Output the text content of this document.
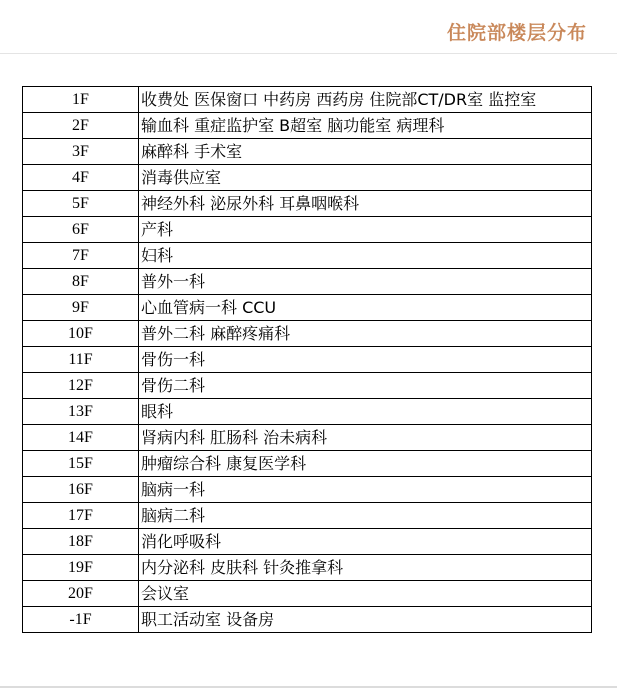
住院部楼层分布
1F	收费处 医保窗口 中药房 西药房 住院部CT/DR室 监控室
2F	输血科 重症监护室 B超室 脑功能室 病理科
3F	麻醉科 手术室
4F	消毒供应室
5F	神经外科 泌尿外科 耳鼻咽喉科
6F	产科
7F	妇科
8F	普外一科
9F	心血管病一科 CCU
10F	普外二科 麻醉疼痛科
11F	骨伤一科
12F	骨伤二科
13F	眼科
14F	肾病内科 肛肠科 治未病科
15F	肿瘤综合科 康复医学科
16F	脑病一科
17F	脑病二科
18F	消化呼吸科
19F	内分泌科 皮肤科 针灸推拿科
20F	会议室
-1F	职工活动室 设备房
